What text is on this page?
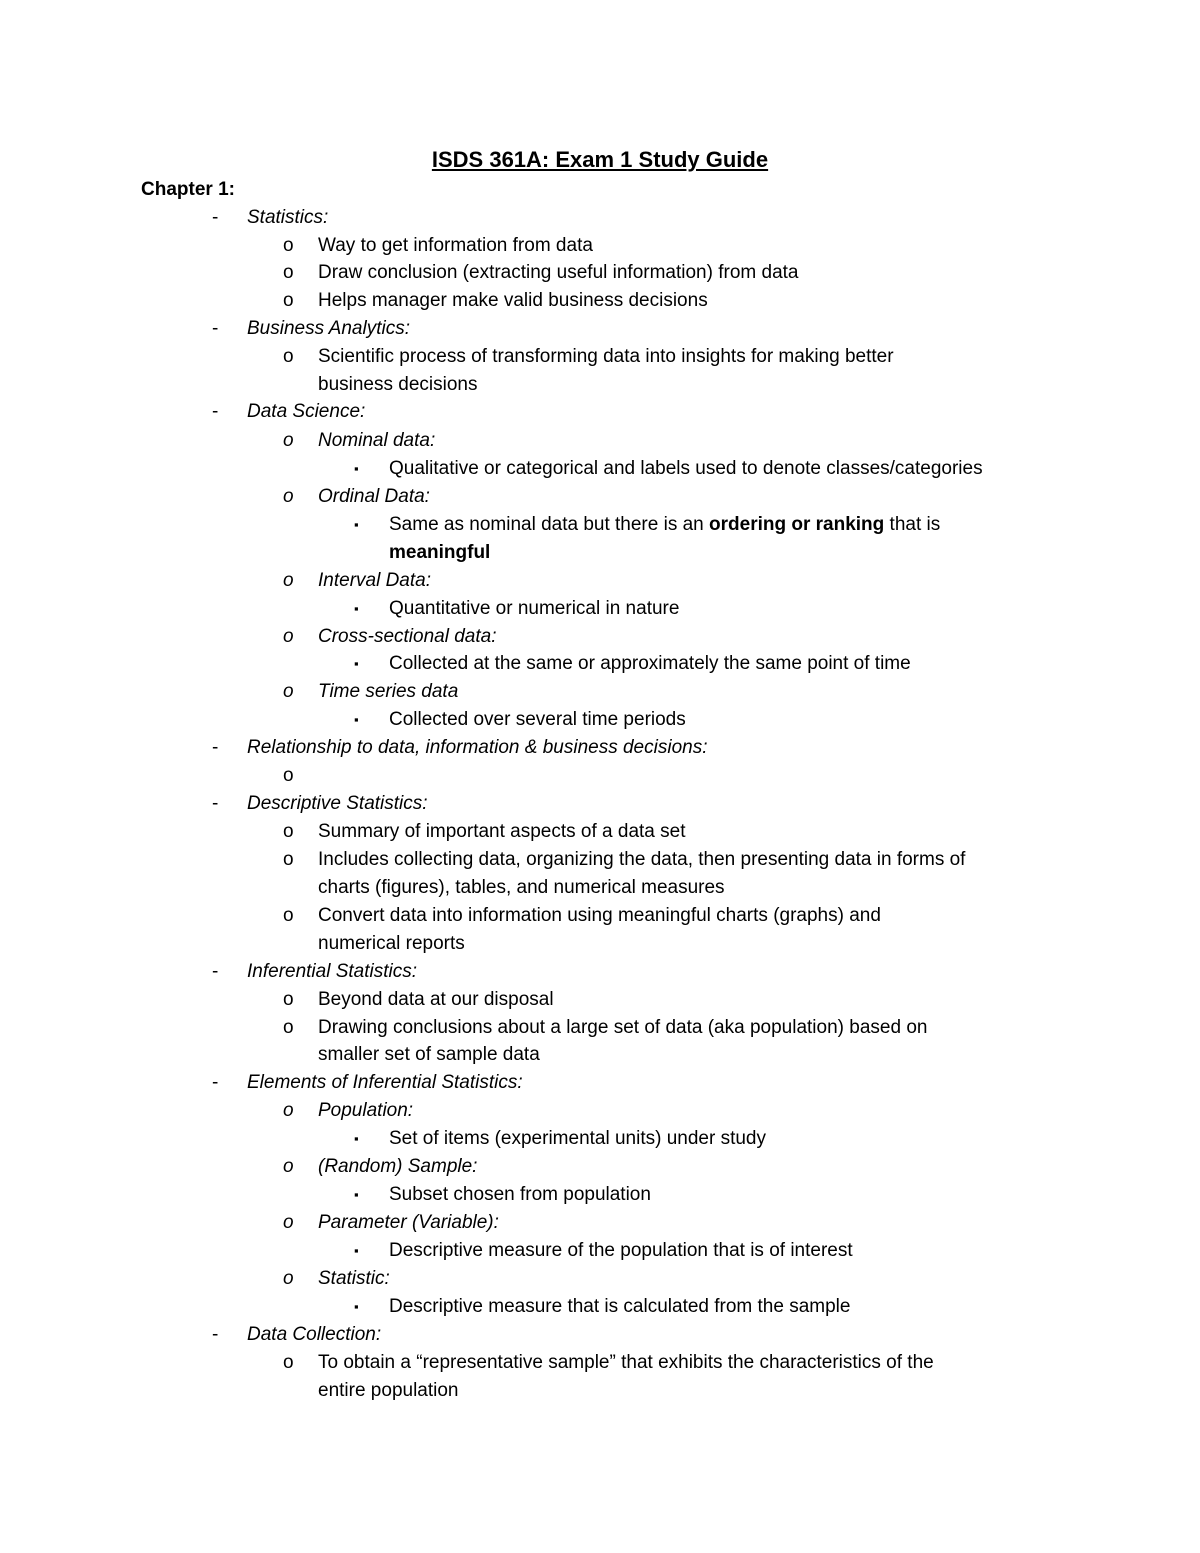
ISDS 361A: Exam 1 Study Guide
Chapter 1:
- Statistics:
o Way to get information from data
o Draw conclusion (extracting useful information) from data
o Helps manager make valid business decisions
- Business Analytics:
o Scientific process of transforming data into insights for making better
business decisions
- Data Science:
o Nominal data:
▪ Qualitative or categorical and labels used to denote classes/categories
o Ordinal Data:
▪ Same as nominal data but there is an ordering or ranking that is
meaningful
o Interval Data:
▪ Quantitative or numerical in nature
o Cross-sectional data:
▪ Collected at the same or approximately the same point of time
o Time series data
▪ Collected over several time periods
- Relationship to data, information & business decisions:
o
- Descriptive Statistics:
o Summary of important aspects of a data set
o Includes collecting data, organizing the data, then presenting data in forms of
charts (figures), tables, and numerical measures
o Convert data into information using meaningful charts (graphs) and
numerical reports
- Inferential Statistics:
o Beyond data at our disposal
o Drawing conclusions about a large set of data (aka population) based on
smaller set of sample data
- Elements of Inferential Statistics:
o Population:
▪ Set of items (experimental units) under study
o (Random) Sample:
▪ Subset chosen from population
o Parameter (Variable):
▪ Descriptive measure of the population that is of interest
o Statistic:
▪ Descriptive measure that is calculated from the sample
- Data Collection:
o To obtain a “representative sample” that exhibits the characteristics of the
entire population
